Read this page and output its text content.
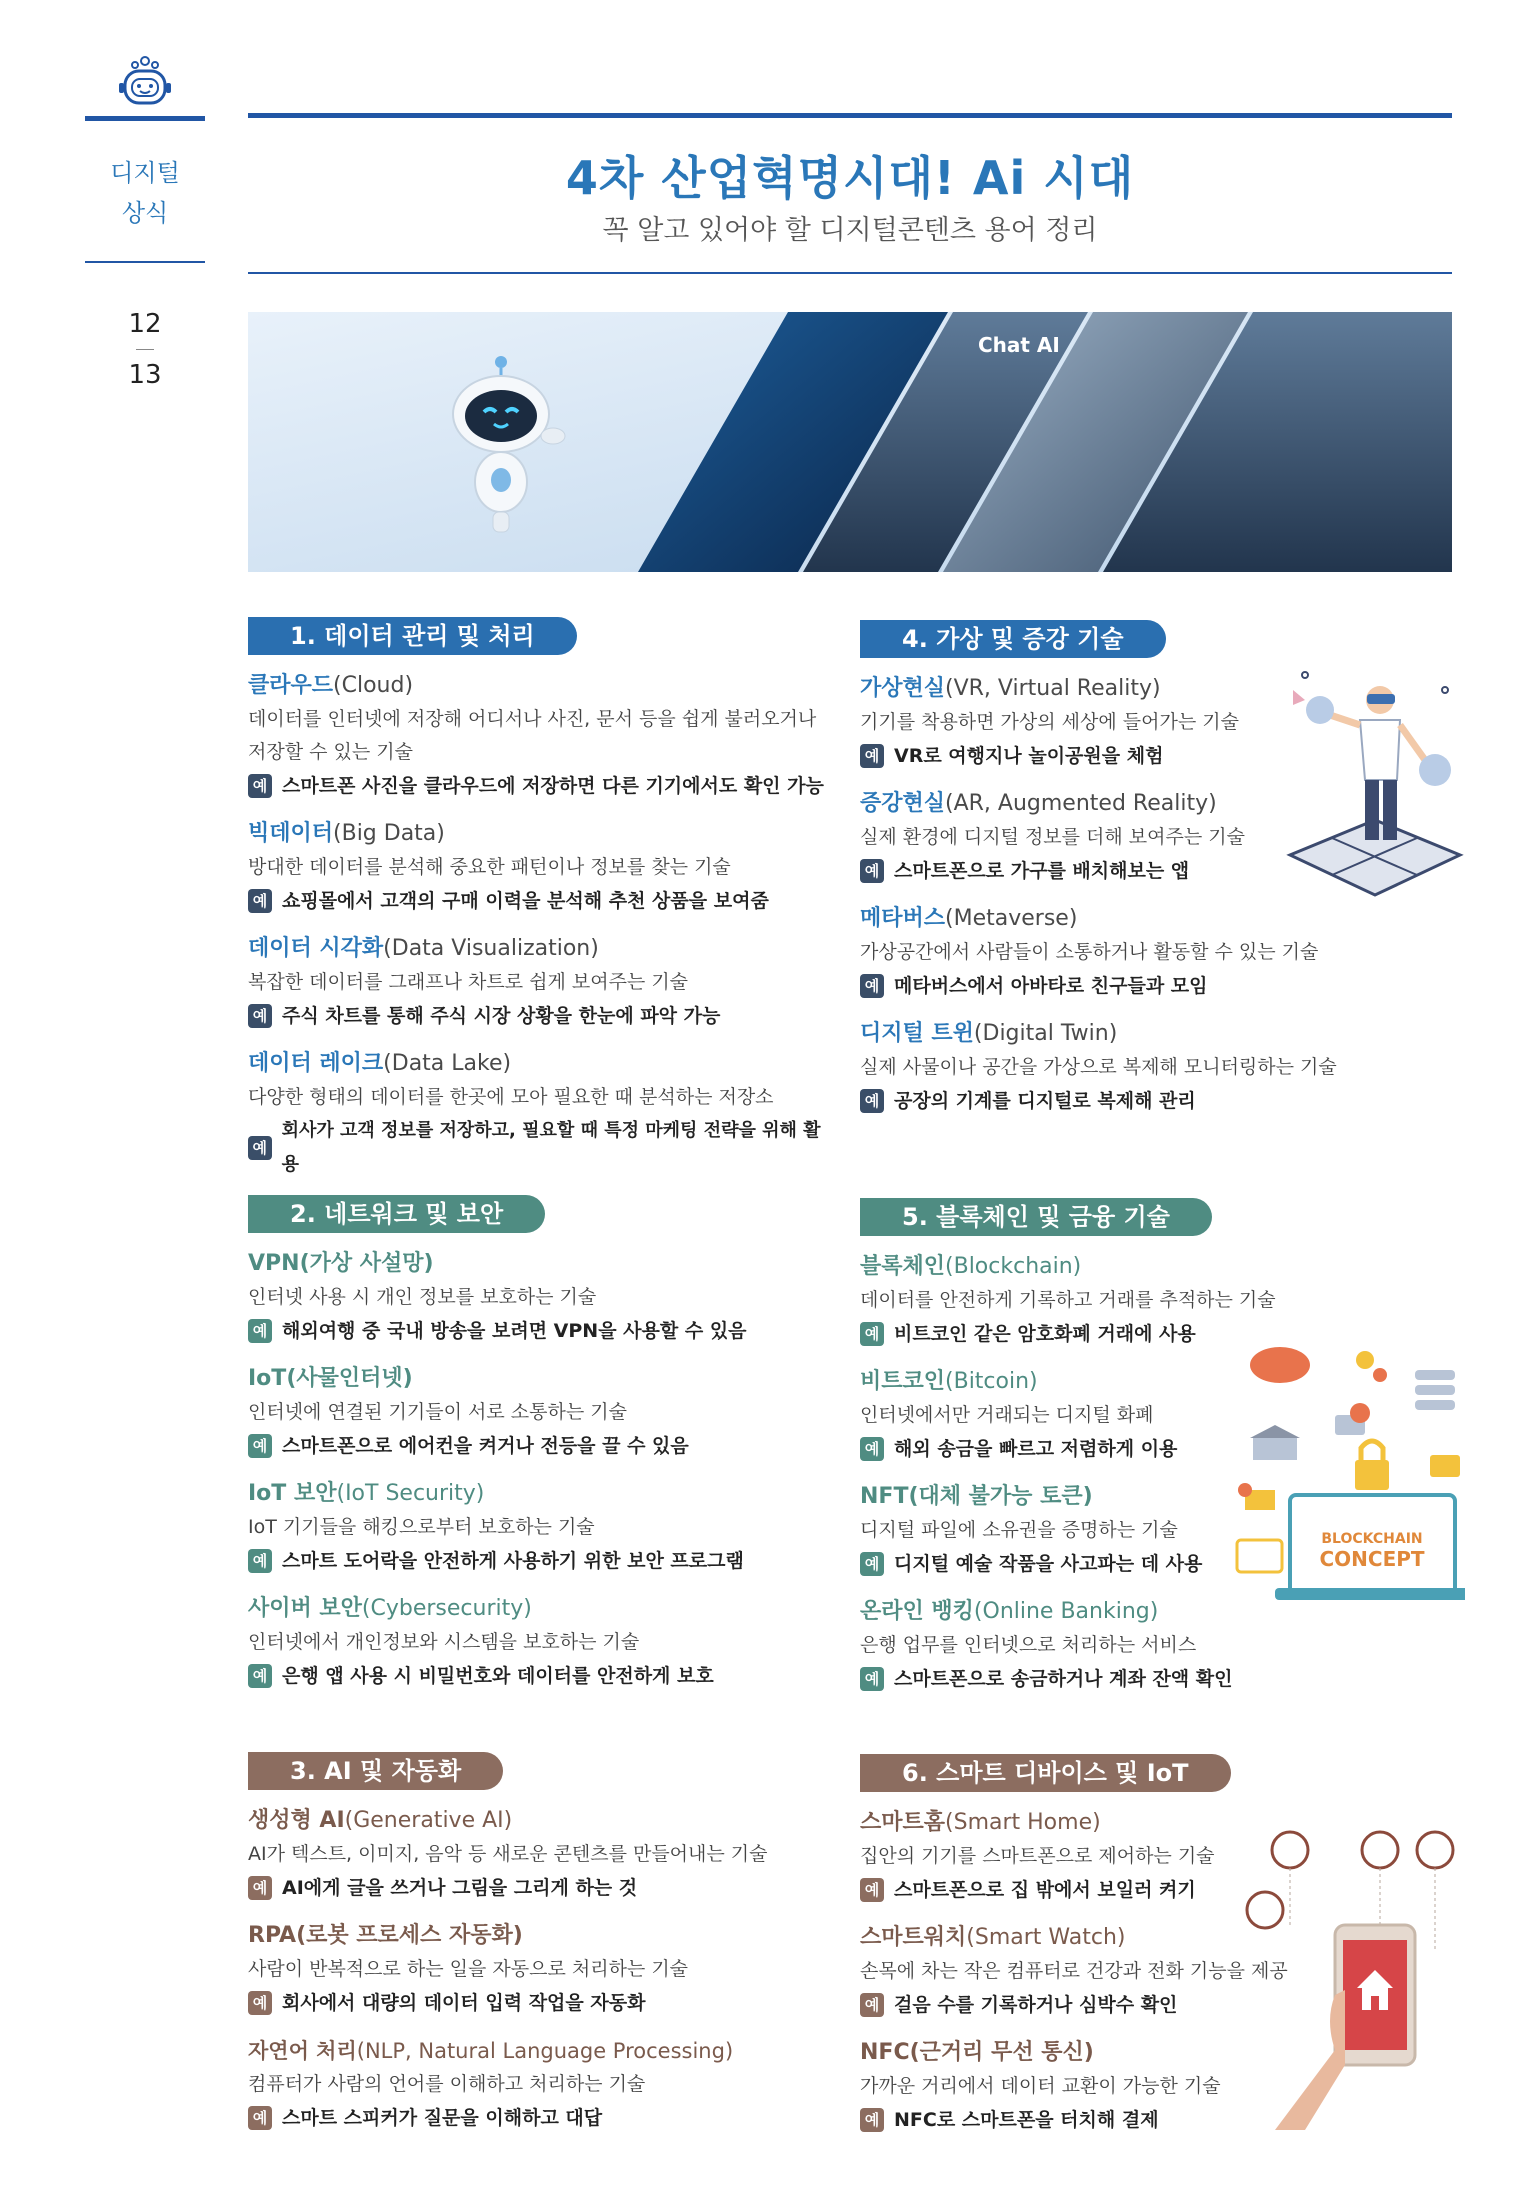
디지털
상식
12
13
4차 산업혁명시대! Ai 시대
꼭 알고 있어야 할 디지털콘텐츠 용어 정리
Chat AI
1. 데이터 관리 및 처리
클라우드(Cloud)
데이터를 인터넷에 저장해 어디서나 사진, 문서 등을 쉽게 불러오거나 저장할 수 있는 기술
예 스마트폰 사진을 클라우드에 저장하면 다른 기기에서도 확인 가능
빅데이터(Big Data)
방대한 데이터를 분석해 중요한 패턴이나 정보를 찾는 기술
예 쇼핑몰에서 고객의 구매 이력을 분석해 추천 상품을 보여줌
데이터 시각화(Data Visualization)
복잡한 데이터를 그래프나 차트로 쉽게 보여주는 기술
예 주식 차트를 통해 주식 시장 상황을 한눈에 파악 가능
데이터 레이크(Data Lake)
다양한 형태의 데이터를 한곳에 모아 필요한 때 분석하는 저장소
예
회사가 고객 정보를 저장하고, 필요할 때 특정 마케팅 전략을 위해 활용
2. 네트워크 및 보안
VPN(가상 사설망)
인터넷 사용 시 개인 정보를 보호하는 기술
예 해외여행 중 국내 방송을 보려면 VPN을 사용할 수 있음
IoT(사물인터넷)
인터넷에 연결된 기기들이 서로 소통하는 기술
예 스마트폰으로 에어컨을 켜거나 전등을 끌 수 있음
IoT 보안(IoT Security)
IoT 기기들을 해킹으로부터 보호하는 기술
예 스마트 도어락을 안전하게 사용하기 위한 보안 프로그램
사이버 보안(Cybersecurity)
인터넷에서 개인정보와 시스템을 보호하는 기술
예 은행 앱 사용 시 비밀번호와 데이터를 안전하게 보호
3. AI 및 자동화
생성형 AI(Generative AI)
AI가 텍스트, 이미지, 음악 등 새로운 콘텐츠를 만들어내는 기술
예 AI에게 글을 쓰거나 그림을 그리게 하는 것
RPA(로봇 프로세스 자동화)
사람이 반복적으로 하는 일을 자동으로 처리하는 기술
예 회사에서 대량의 데이터 입력 작업을 자동화
자연어 처리(NLP, Natural Language Processing)
컴퓨터가 사람의 언어를 이해하고 처리하는 기술
예 스마트 스피커가 질문을 이해하고 대답
4. 가상 및 증강 기술
가상현실(VR, Virtual Reality)
기기를 착용하면 가상의 세상에 들어가는 기술
예 VR로 여행지나 놀이공원을 체험
증강현실(AR, Augmented Reality)
실제 환경에 디지털 정보를 더해 보여주는 기술
예 스마트폰으로 가구를 배치해보는 앱
메타버스(Metaverse)
가상공간에서 사람들이 소통하거나 활동할 수 있는 기술
예 메타버스에서 아바타로 친구들과 모임
디지털 트윈(Digital Twin)
실제 사물이나 공간을 가상으로 복제해 모니터링하는 기술
예 공장의 기계를 디지털로 복제해 관리
5. 블록체인 및 금융 기술
블록체인(Blockchain)
데이터를 안전하게 기록하고 거래를 추적하는 기술
예 비트코인 같은 암호화폐 거래에 사용
비트코인(Bitcoin)
인터넷에서만 거래되는 디지털 화폐
예 해외 송금을 빠르고 저렴하게 이용
NFT(대체 불가능 토큰)
디지털 파일에 소유권을 증명하는 기술
예 디지털 예술 작품을 사고파는 데 사용
온라인 뱅킹(Online Banking)
은행 업무를 인터넷으로 처리하는 서비스
예 스마트폰으로 송금하거나 계좌 잔액 확인
6. 스마트 디바이스 및 IoT
스마트홈(Smart Home)
집안의 기기를 스마트폰으로 제어하는 기술
예 스마트폰으로 집 밖에서 보일러 켜기
스마트워치(Smart Watch)
손목에 차는 작은 컴퓨터로 건강과 전화 기능을 제공
예 걸음 수를 기록하거나 심박수 확인
NFC(근거리 무선 통신)
가까운 거리에서 데이터 교환이 가능한 기술
예 NFC로 스마트폰을 터치해 결제
BLOCKCHAIN
CONCEPT
